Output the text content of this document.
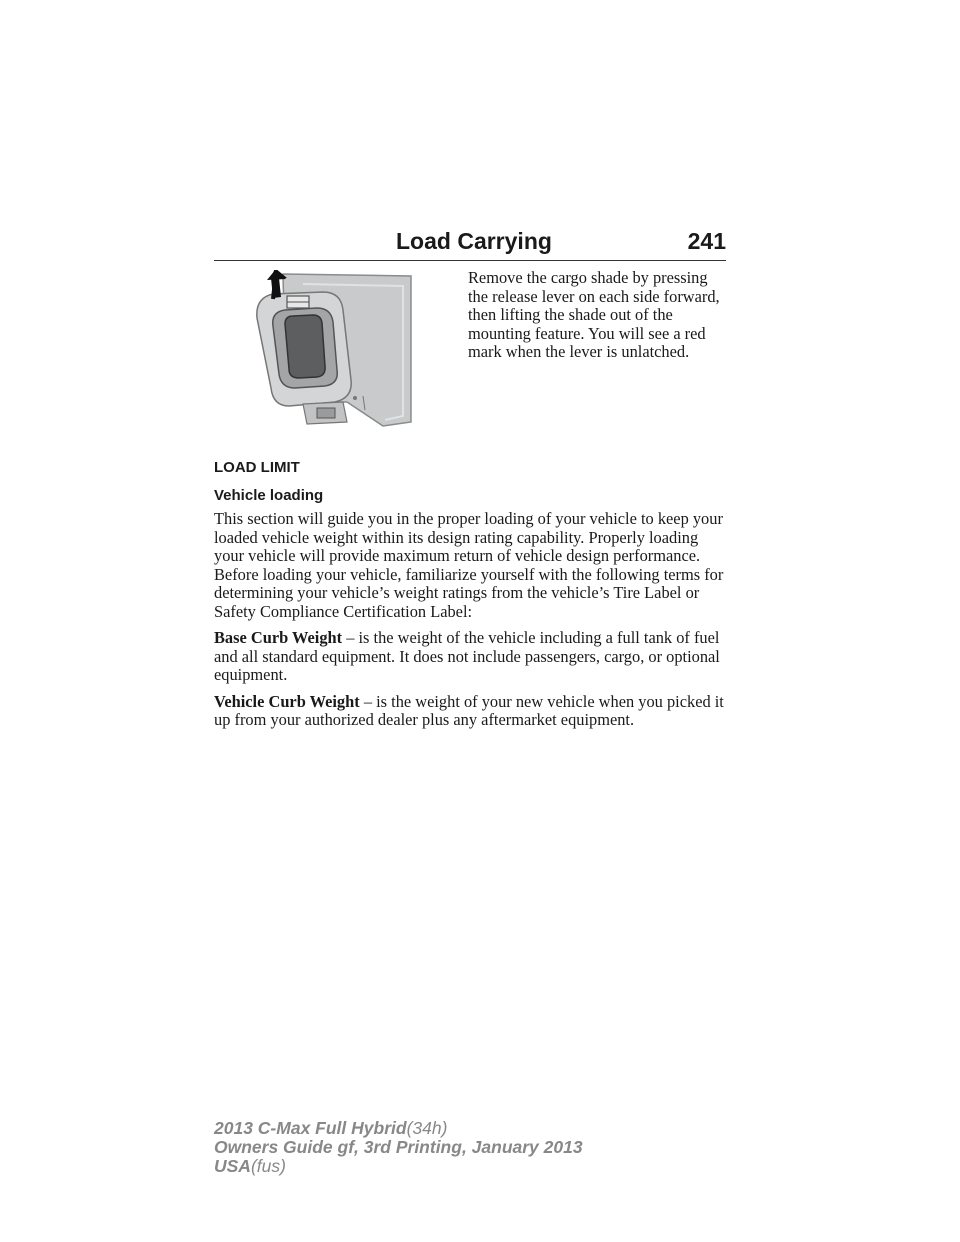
Load Carrying	241

Remove the cargo shade by pressing the release lever on each side forward, then lifting the shade out of the mounting feature. You will see a red mark when the lever is unlatched.

LOAD LIMIT
Vehicle loading

This section will guide you in the proper loading of your vehicle to keep your loaded vehicle weight within its design rating capability. Properly loading your vehicle will provide maximum return of vehicle design performance. Before loading your vehicle, familiarize yourself with the following terms for determining your vehicle’s weight ratings from the vehicle’s Tire Label or Safety Compliance Certification Label:

Base Curb Weight – is the weight of the vehicle including a full tank of fuel and all standard equipment. It does not include passengers, cargo, or optional equipment.

Vehicle Curb Weight – is the weight of your new vehicle when you picked it up from your authorized dealer plus any aftermarket equipment.

2013 C-Max Full Hybrid(34h)
Owners Guide gf, 3rd Printing, January 2013
USA(fus)
